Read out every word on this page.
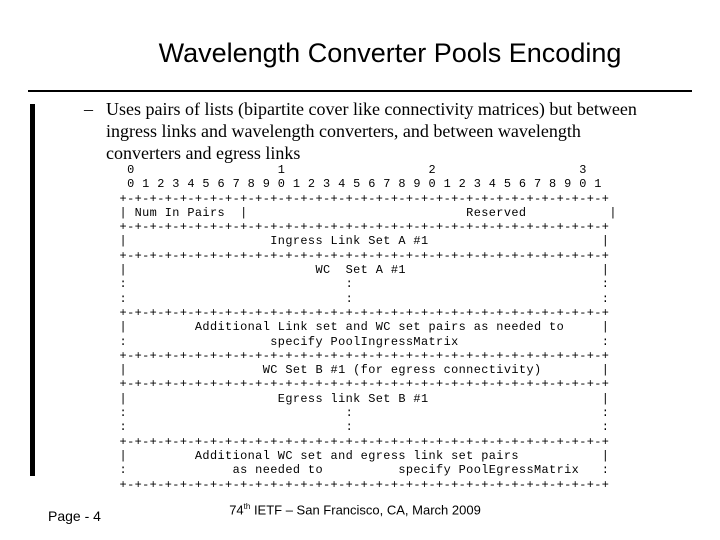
Wavelength Converter Pools Encoding
– Uses pairs of lists (bipartite cover like connectivity matrices) but between ingress links and wavelength converters, and between wavelength converters and egress links
0                   1                   2                   3
0 1 2 3 4 5 6 7 8 9 0 1 2 3 4 5 6 7 8 9 0 1 2 3 4 5 6 7 8 9 0 1
+-+-+-+-+-+-+-+-+-+-+-+-+-+-+-+-+-+-+-+-+-+-+-+-+-+-+-+-+-+-+-+-+
| Num In Pairs  |                             Reserved           |
+-+-+-+-+-+-+-+-+-+-+-+-+-+-+-+-+-+-+-+-+-+-+-+-+-+-+-+-+-+-+-+-+
|                   Ingress Link Set A #1                       |
+-+-+-+-+-+-+-+-+-+-+-+-+-+-+-+-+-+-+-+-+-+-+-+-+-+-+-+-+-+-+-+-+
|                         WC  Set A #1                          |
:                             :                                 :
:                             :                                 :
+-+-+-+-+-+-+-+-+-+-+-+-+-+-+-+-+-+-+-+-+-+-+-+-+-+-+-+-+-+-+-+-+
|         Additional Link set and WC set pairs as needed to     |
:                   specify PoolIngressMatrix                   :
+-+-+-+-+-+-+-+-+-+-+-+-+-+-+-+-+-+-+-+-+-+-+-+-+-+-+-+-+-+-+-+-+
|                  WC Set B #1 (for egress connectivity)        |
+-+-+-+-+-+-+-+-+-+-+-+-+-+-+-+-+-+-+-+-+-+-+-+-+-+-+-+-+-+-+-+-+
|                    Egress link Set B #1                       |
:                             :                                 :
:                             :                                 :
+-+-+-+-+-+-+-+-+-+-+-+-+-+-+-+-+-+-+-+-+-+-+-+-+-+-+-+-+-+-+-+-+
|         Additional WC set and egress link set pairs           |
:              as needed to          specify PoolEgressMatrix   :
+-+-+-+-+-+-+-+-+-+-+-+-+-+-+-+-+-+-+-+-+-+-+-+-+-+-+-+-+-+-+-+-+
Page - 4	74th IETF – San Francisco, CA, March 2009
